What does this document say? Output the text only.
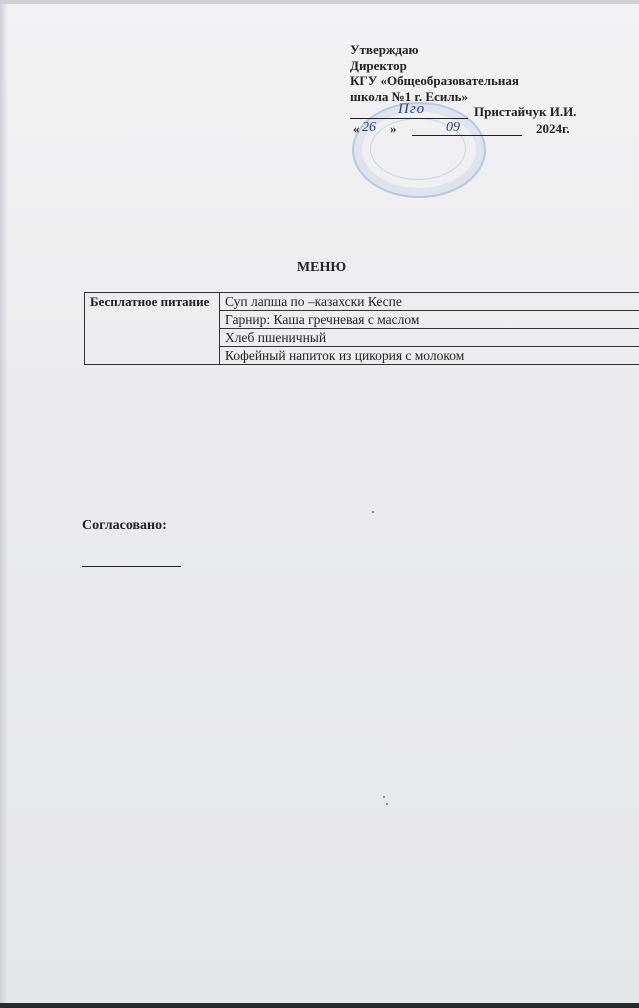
Утверждаю
Директор
КГУ «Общеобразовательная
школа №1 г. Есиль»
Пго	Пристайчук И.И.
« 26 »	09	2024г.
МЕНЮ
Бесплатное питание	Суп лапша по –казахски Кеспе
Гарнир: Каша гречневая с маслом
Хлеб пшеничный
Кофейный напиток из цикория с молоком
Согласовано:
